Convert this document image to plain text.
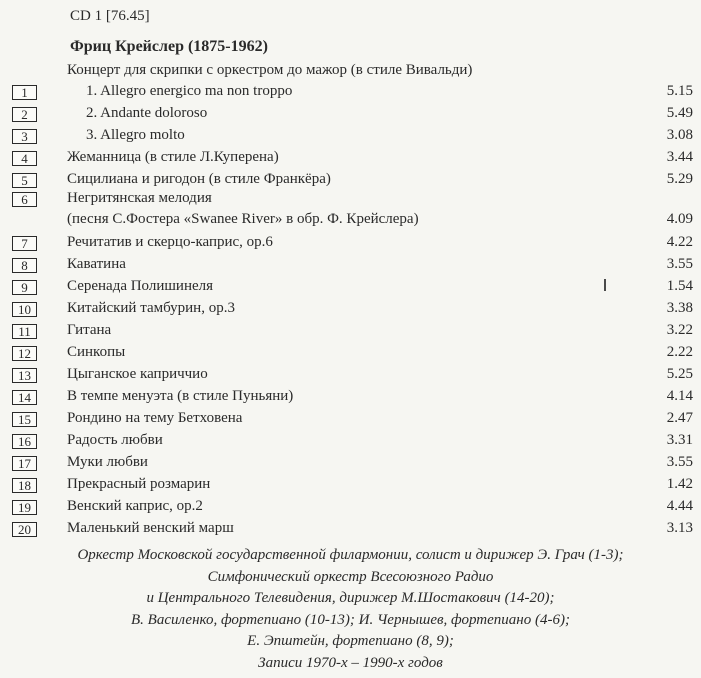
CD 1 [76.45]
Фриц Крейслер (1875-1962)
Концерт для скрипки с оркестром до мажор (в стиле Вивальди)
1	1. Allegro energico ma non troppo	5.15
2	2. Andante doloroso	5.49
3	3. Allegro molto	3.08
4	Жеманница (в стиле Л.Куперена)	3.44
5	Сицилиана и ригодон (в стиле Франкёра)	5.29
6	Негритянская мелодия
(песня С.Фостера «Swanee River» в обр. Ф. Крейслера)	4.09
7	Речитатив и скерцо-каприс, ор.6	4.22
8	Каватина	3.55
9	Серенада Полишинеля	1.54
10	Китайский тамбурин, ор.3	3.38
11	Гитана	3.22
12	Синкопы	2.22
13	Цыганское каприччио	5.25
14	В темпе менуэта (в стиле Пуньяни)	4.14
15	Рондино на тему Бетховена	2.47
16	Радость любви	3.31
17	Муки любви	3.55
18	Прекрасный розмарин	1.42
19	Венский каприс, ор.2	4.44
20	Маленький венский марш	3.13
Оркестр Московской государственной филармонии, солист и дирижер Э. Грач (1-3);
Симфонический оркестр Всесоюзного Радио
и Центрального Телевидения, дирижер М.Шостакович (14-20);
В. Василенко, фортепиано (10-13); И. Чернышев, фортепиано (4-6);
Е. Эпштейн, фортепиано (8, 9);
Записи 1970-х – 1990-х годов
